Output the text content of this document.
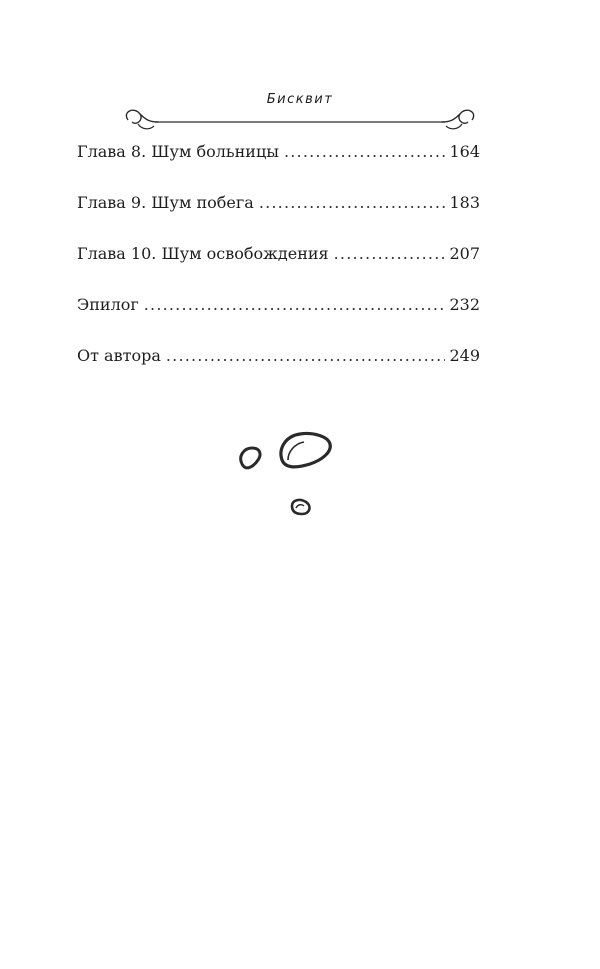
Бисквит
Глава 8. Шум больницы .....	164
Глава 9. Шум побега .....	183
Глава 10. Шум освобождения .....	207
Эпилог .....	232
От автора .....	249
